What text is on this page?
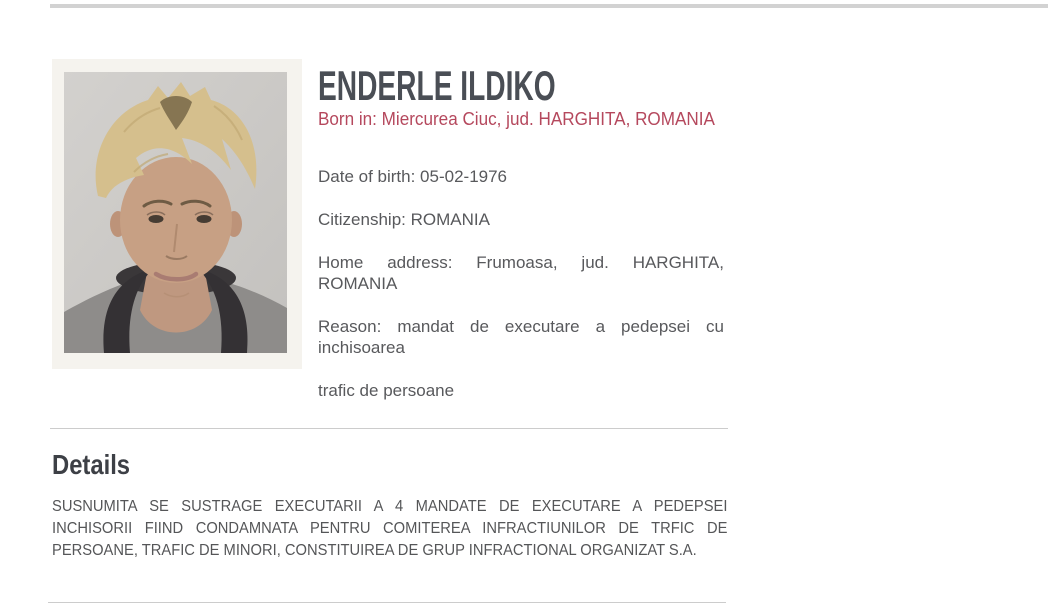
ENDERLE ILDIKO
Born in: Miercurea Ciuc, jud. HARGHITA, ROMANIA

Date of birth: 05-02-1976

Citizenship: ROMANIA

Home address: Frumoasa, jud. HARGHITA, ROMANIA

Reason: mandat de executare a pedepsei cu inchisoarea

trafic de persoane

Details

SUSNUMITA SE SUSTRAGE EXECUTARII A 4 MANDATE DE EXECUTARE A PEDEPSEI INCHISORII FIIND CONDAMNATA PENTRU COMITEREA INFRACTIUNILOR DE TRFIC DE PERSOANE, TRAFIC DE MINORI, CONSTITUIREA DE GRUP INFRACTIONAL ORGANIZAT S.A.
